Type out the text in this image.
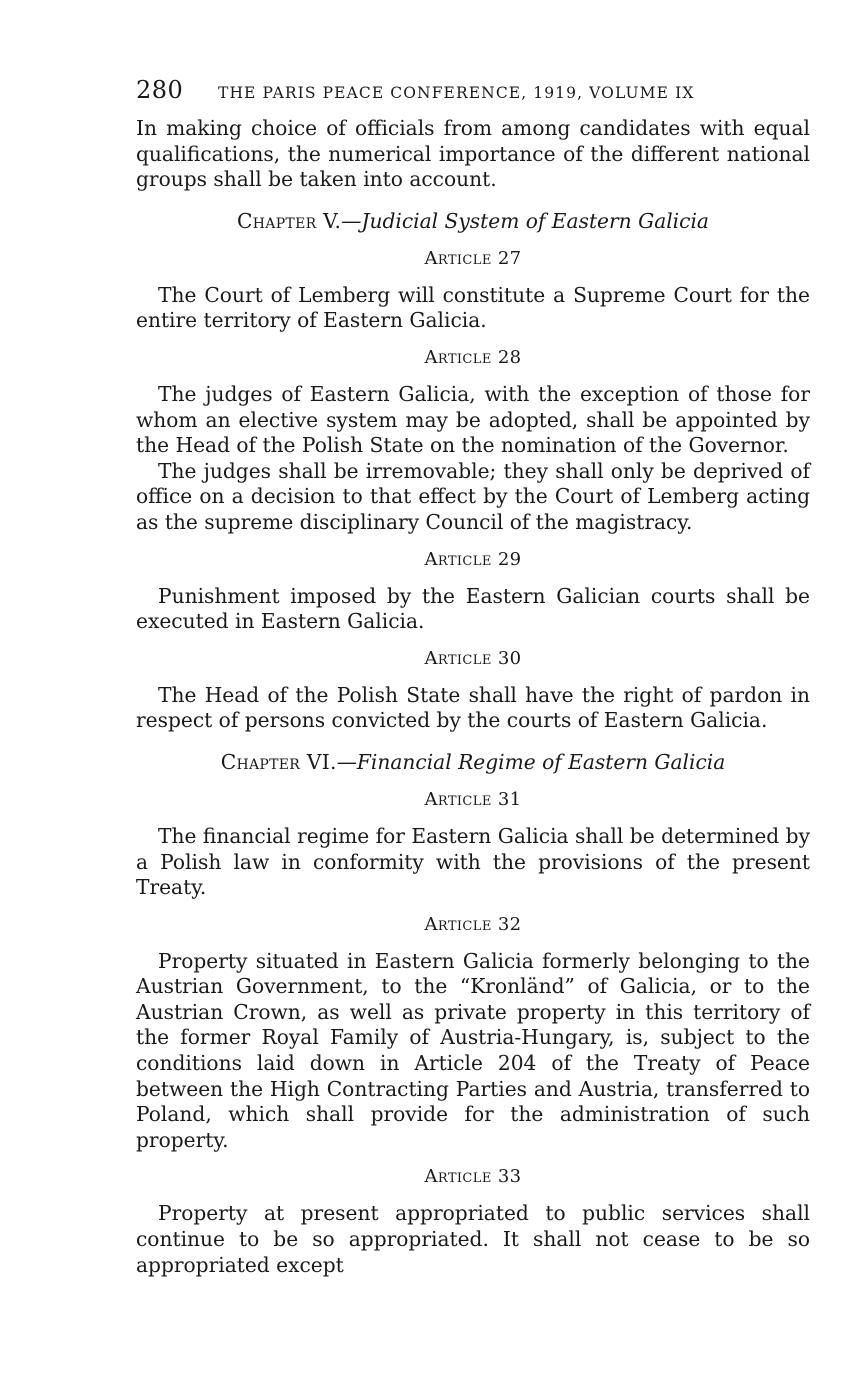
280	THE PARIS PEACE CONFERENCE, 1919, VOLUME IX

In making choice of officials from among candidates with equal qualifications, the numerical importance of the different national groups shall be taken into account.

Chapter V.—Judicial System of Eastern Galicia
Article 27

The Court of Lemberg will constitute a Supreme Court for the entire territory of Eastern Galicia.

Article 28

The judges of Eastern Galicia, with the exception of those for whom an elective system may be adopted, shall be appointed by the Head of the Polish State on the nomination of the Governor.

The judges shall be irremovable; they shall only be deprived of office on a decision to that effect by the Court of Lemberg acting as the supreme disciplinary Council of the magistracy.

Article 29

Punishment imposed by the Eastern Galician courts shall be executed in Eastern Galicia.

Article 30

The Head of the Polish State shall have the right of pardon in respect of persons convicted by the courts of Eastern Galicia.

Chapter VI.—Financial Regime of Eastern Galicia
Article 31

The financial regime for Eastern Galicia shall be determined by a Polish law in conformity with the provisions of the present Treaty.

Article 32

Property situated in Eastern Galicia formerly belonging to the Austrian Government, to the “Kronländ” of Galicia, or to the Austrian Crown, as well as private property in this territory of the former Royal Family of Austria-Hungary, is, subject to the conditions laid down in Article 204 of the Treaty of Peace between the High Contracting Parties and Austria, transferred to Poland, which shall provide for the administration of such property.

Article 33

Property at present appropriated to public services shall continue to be so appropriated. It shall not cease to be so appropriated except
